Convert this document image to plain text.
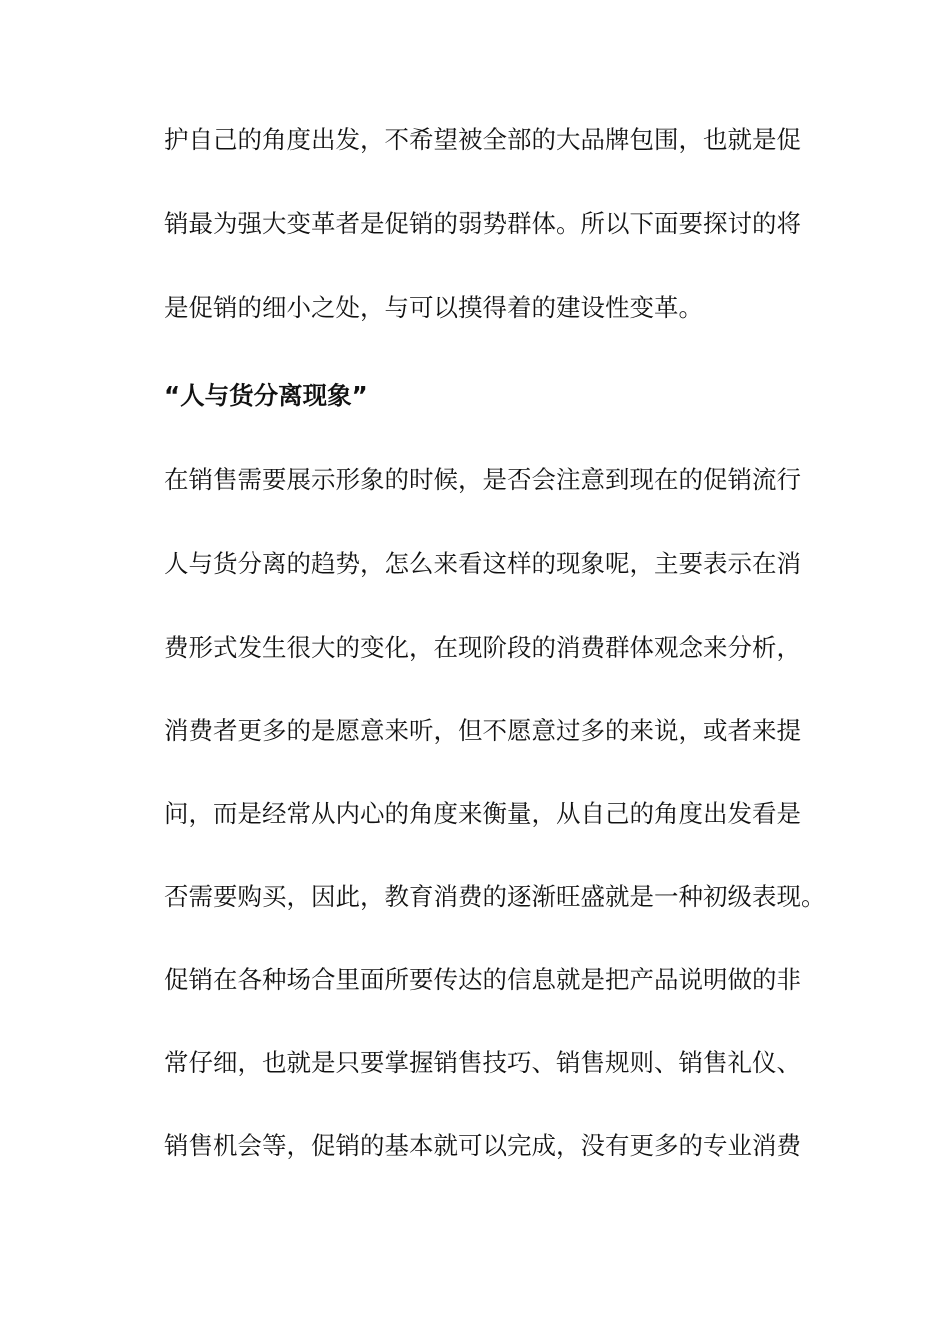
护自己的角度出发，不希望被全部的大品牌包围，也就是促
销最为强大变革者是促销的弱势群体。所以下面要探讨的将
是促销的细小之处，与可以摸得着的建设性变革。
“人与货分离现象”
在销售需要展示形象的时候，是否会注意到现在的促销流行
人与货分离的趋势，怎么来看这样的现象呢，主要表示在消
费形式发生很大的变化，在现阶段的消费群体观念来分析，
消费者更多的是愿意来听，但不愿意过多的来说，或者来提
问，而是经常从内心的角度来衡量，从自己的角度出发看是
否需要购买，因此，教育消费的逐渐旺盛就是一种初级表现。
促销在各种场合里面所要传达的信息就是把产品说明做的非
常仔细，也就是只要掌握销售技巧、销售规则、销售礼仪、
销售机会等，促销的基本就可以完成，没有更多的专业消费
